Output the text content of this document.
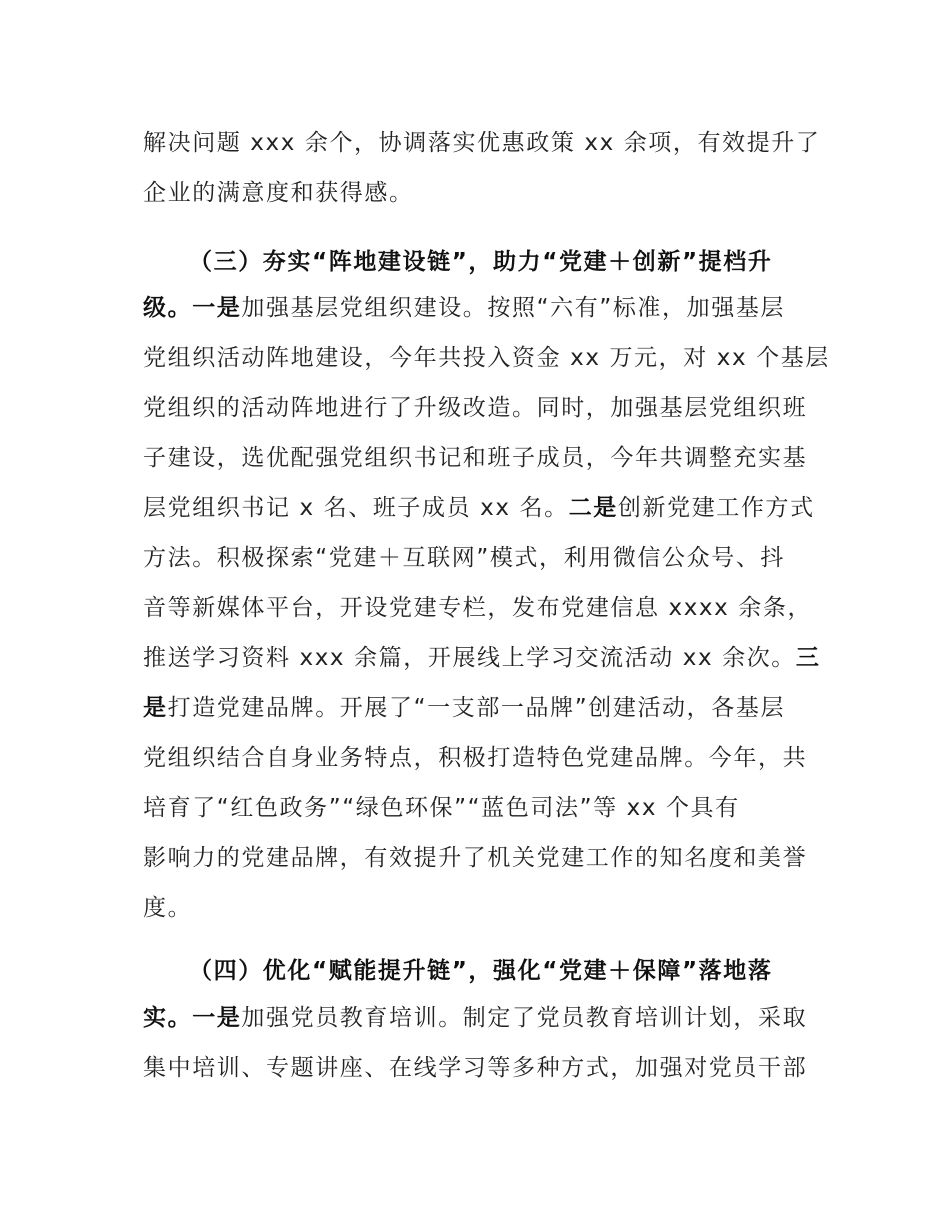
解决问题 xxx 余个，协调落实优惠政策 xx 余项，有效提升了
企业的满意度和获得感。
（三）夯实“阵地建设链”，助力“党建＋创新”提档升
级。一是加强基层党组织建设。按照“六有”标准，加强基层
党组织活动阵地建设，今年共投入资金 xx 万元，对 xx 个基层
党组织的活动阵地进行了升级改造。同时，加强基层党组织班
子建设，选优配强党组织书记和班子成员，今年共调整充实基
层党组织书记 x 名、班子成员 xx 名。二是创新党建工作方式
方法。积极探索“党建＋互联网”模式，利用微信公众号、抖
音等新媒体平台，开设党建专栏，发布党建信息 xxxx 余条，
推送学习资料 xxx 余篇，开展线上学习交流活动 xx 余次。三
是打造党建品牌。开展了“一支部一品牌”创建活动，各基层
党组织结合自身业务特点，积极打造特色党建品牌。今年，共
培育了“红色政务”“绿色环保”“蓝色司法”等 xx 个具有
影响力的党建品牌，有效提升了机关党建工作的知名度和美誉
度。
（四）优化“赋能提升链”，强化“党建＋保障”落地落
实。一是加强党员教育培训。制定了党员教育培训计划，采取
集中培训、专题讲座、在线学习等多种方式，加强对党员干部
